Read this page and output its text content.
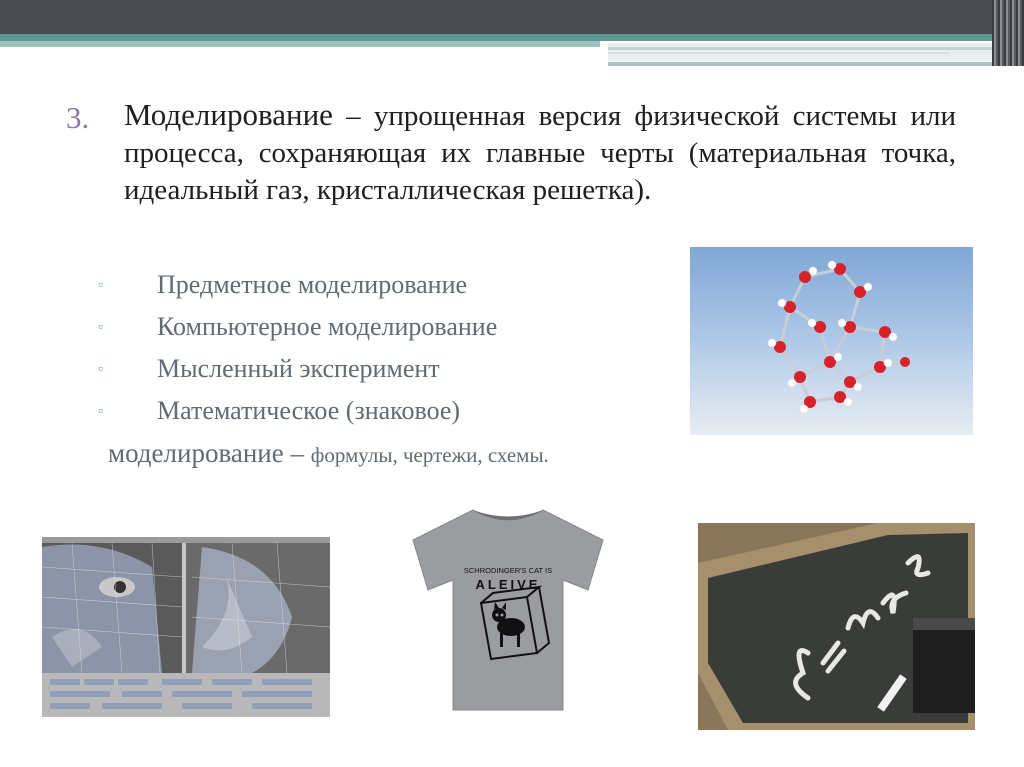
3. Моделирование – упрощенная версия физической системы или процесса, сохраняющая их главные черты (материальная точка, идеальный газ, кристаллическая решетка).
▫ Предметное моделирование
▫ Компьютерное моделирование
▫ Мысленный эксперимент
▫ Математическое (знаковое)
моделирование – формулы, чертежи, схемы.
SCHRODINGER'S CAT IS
ALEIVE
